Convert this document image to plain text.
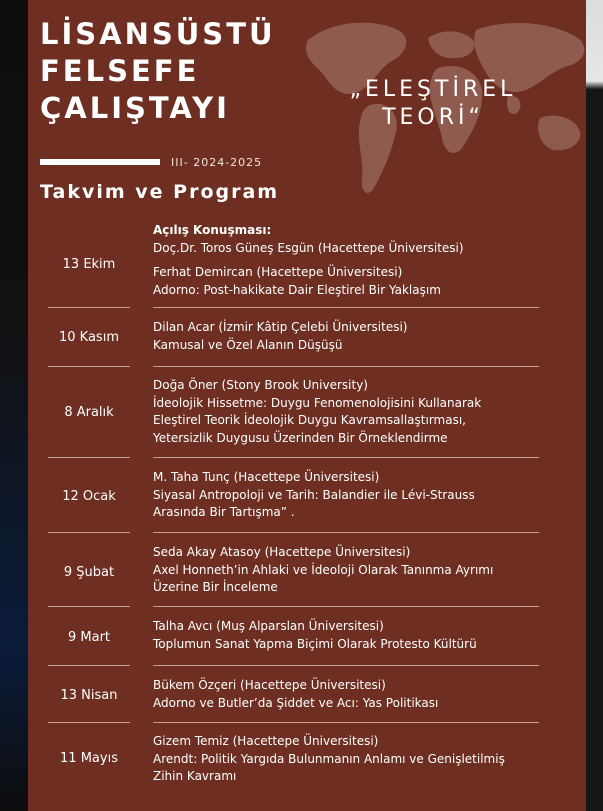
LİSANSÜSTÜ
FELSEFE
ÇALIŞTAYI
„ELEŞTİREL
TEORİ“
III- 2024-2025
Takvim ve Program
13 Ekim
Açılış Konuşması:
Doç.Dr. Toros Güneş Esgün (Hacettepe Üniversitesi)
Ferhat Demircan (Hacettepe Üniversitesi)
Adorno: Post-hakikate Dair Eleştirel Bir Yaklaşım
10 Kasım
Dilan Acar (İzmir Kâtip Çelebi Üniversitesi)
Kamusal ve Özel Alanın Düşüşü
8 Aralık
Doğa Öner (Stony Brook University)
İdeolojik Hissetme: Duygu Fenomenolojisini Kullanarak
Eleştirel Teorik İdeolojik Duygu Kavramsallaştırması,
Yetersizlik Duygusu Üzerinden Bir Örneklendirme
12 Ocak
M. Taha Tunç (Hacettepe Üniversitesi)
Siyasal Antropoloji ve Tarih: Balandier ile Lévi-Strauss
Arasında Bir Tartışma” .
9 Şubat
Seda Akay Atasoy (Hacettepe Üniversitesi)
Axel Honneth’in Ahlaki ve İdeoloji Olarak Tanınma Ayrımı
Üzerine Bir İnceleme
9 Mart
Talha Avcı (Muş Alparslan Üniversitesi)
Toplumun Sanat Yapma Biçimi Olarak Protesto Kültürü
13 Nisan
Bükem Özçeri (Hacettepe Üniversitesi)
Adorno ve Butler’da Şiddet ve Acı: Yas Politikası
11 Mayıs
Gizem Temiz (Hacettepe Üniversitesi)
Arendt: Politik Yargıda Bulunmanın Anlamı ve Genişletilmiş
Zihin Kavramı
